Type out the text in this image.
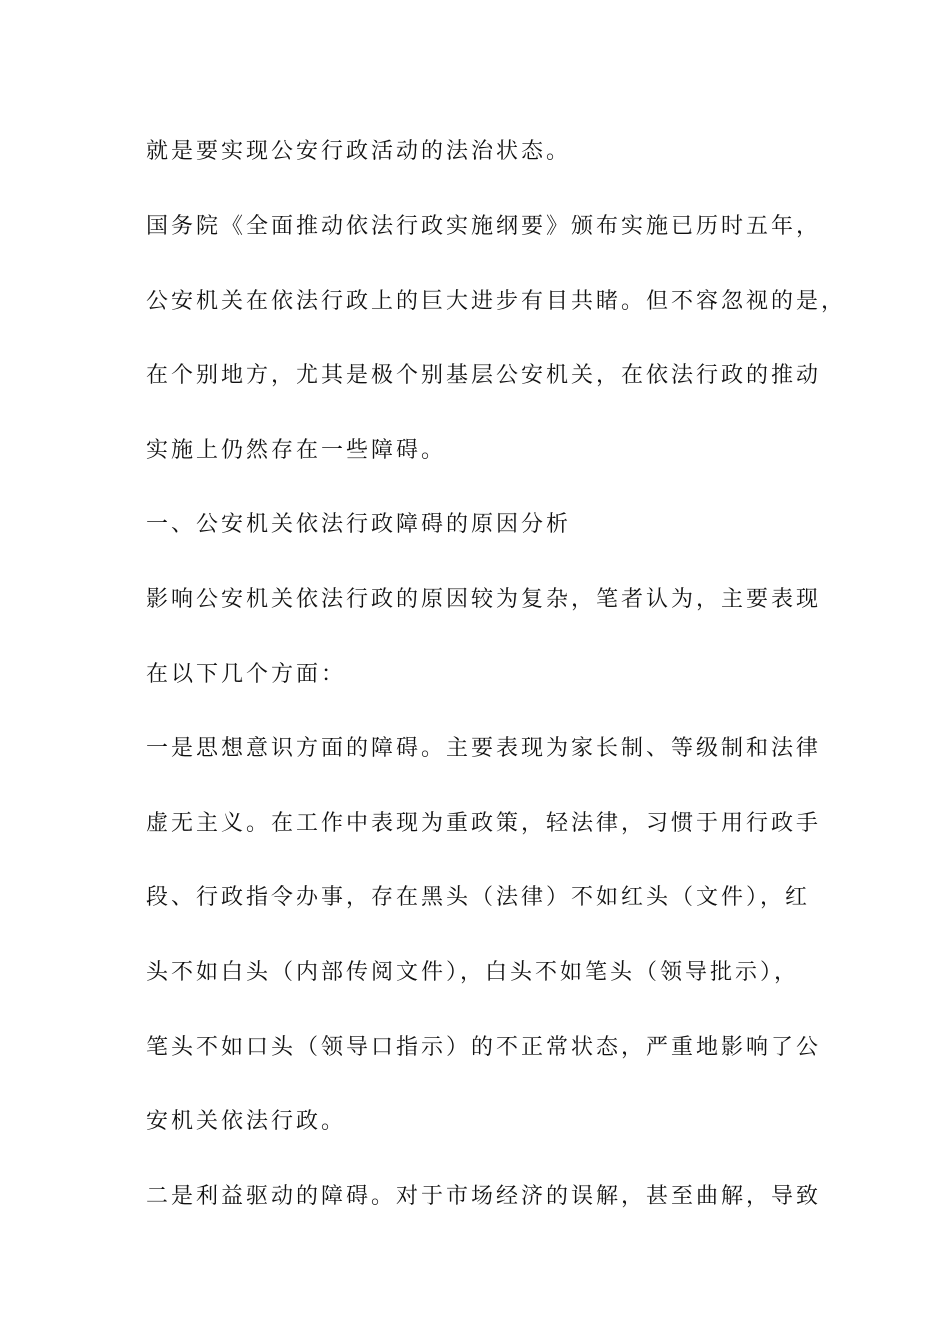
就是要实现公安行政活动的法治状态。
国务院《全面推动依法行政实施纲要》颁布实施已历时五年，
公安机关在依法行政上的巨大进步有目共睹。但不容忽视的是，
在个别地方，尤其是极个别基层公安机关，在依法行政的推动
实施上仍然存在一些障碍。
一、公安机关依法行政障碍的原因分析
影响公安机关依法行政的原因较为复杂，笔者认为，主要表现
在以下几个方面：
一是思想意识方面的障碍。主要表现为家长制、等级制和法律
虚无主义。在工作中表现为重政策，轻法律，习惯于用行政手
段、行政指令办事，存在黑头（法律）不如红头（文件），红
头不如白头（内部传阅文件），白头不如笔头（领导批示），
笔头不如口头（领导口指示）的不正常状态，严重地影响了公
安机关依法行政。
二是利益驱动的障碍。对于市场经济的误解，甚至曲解，导致
